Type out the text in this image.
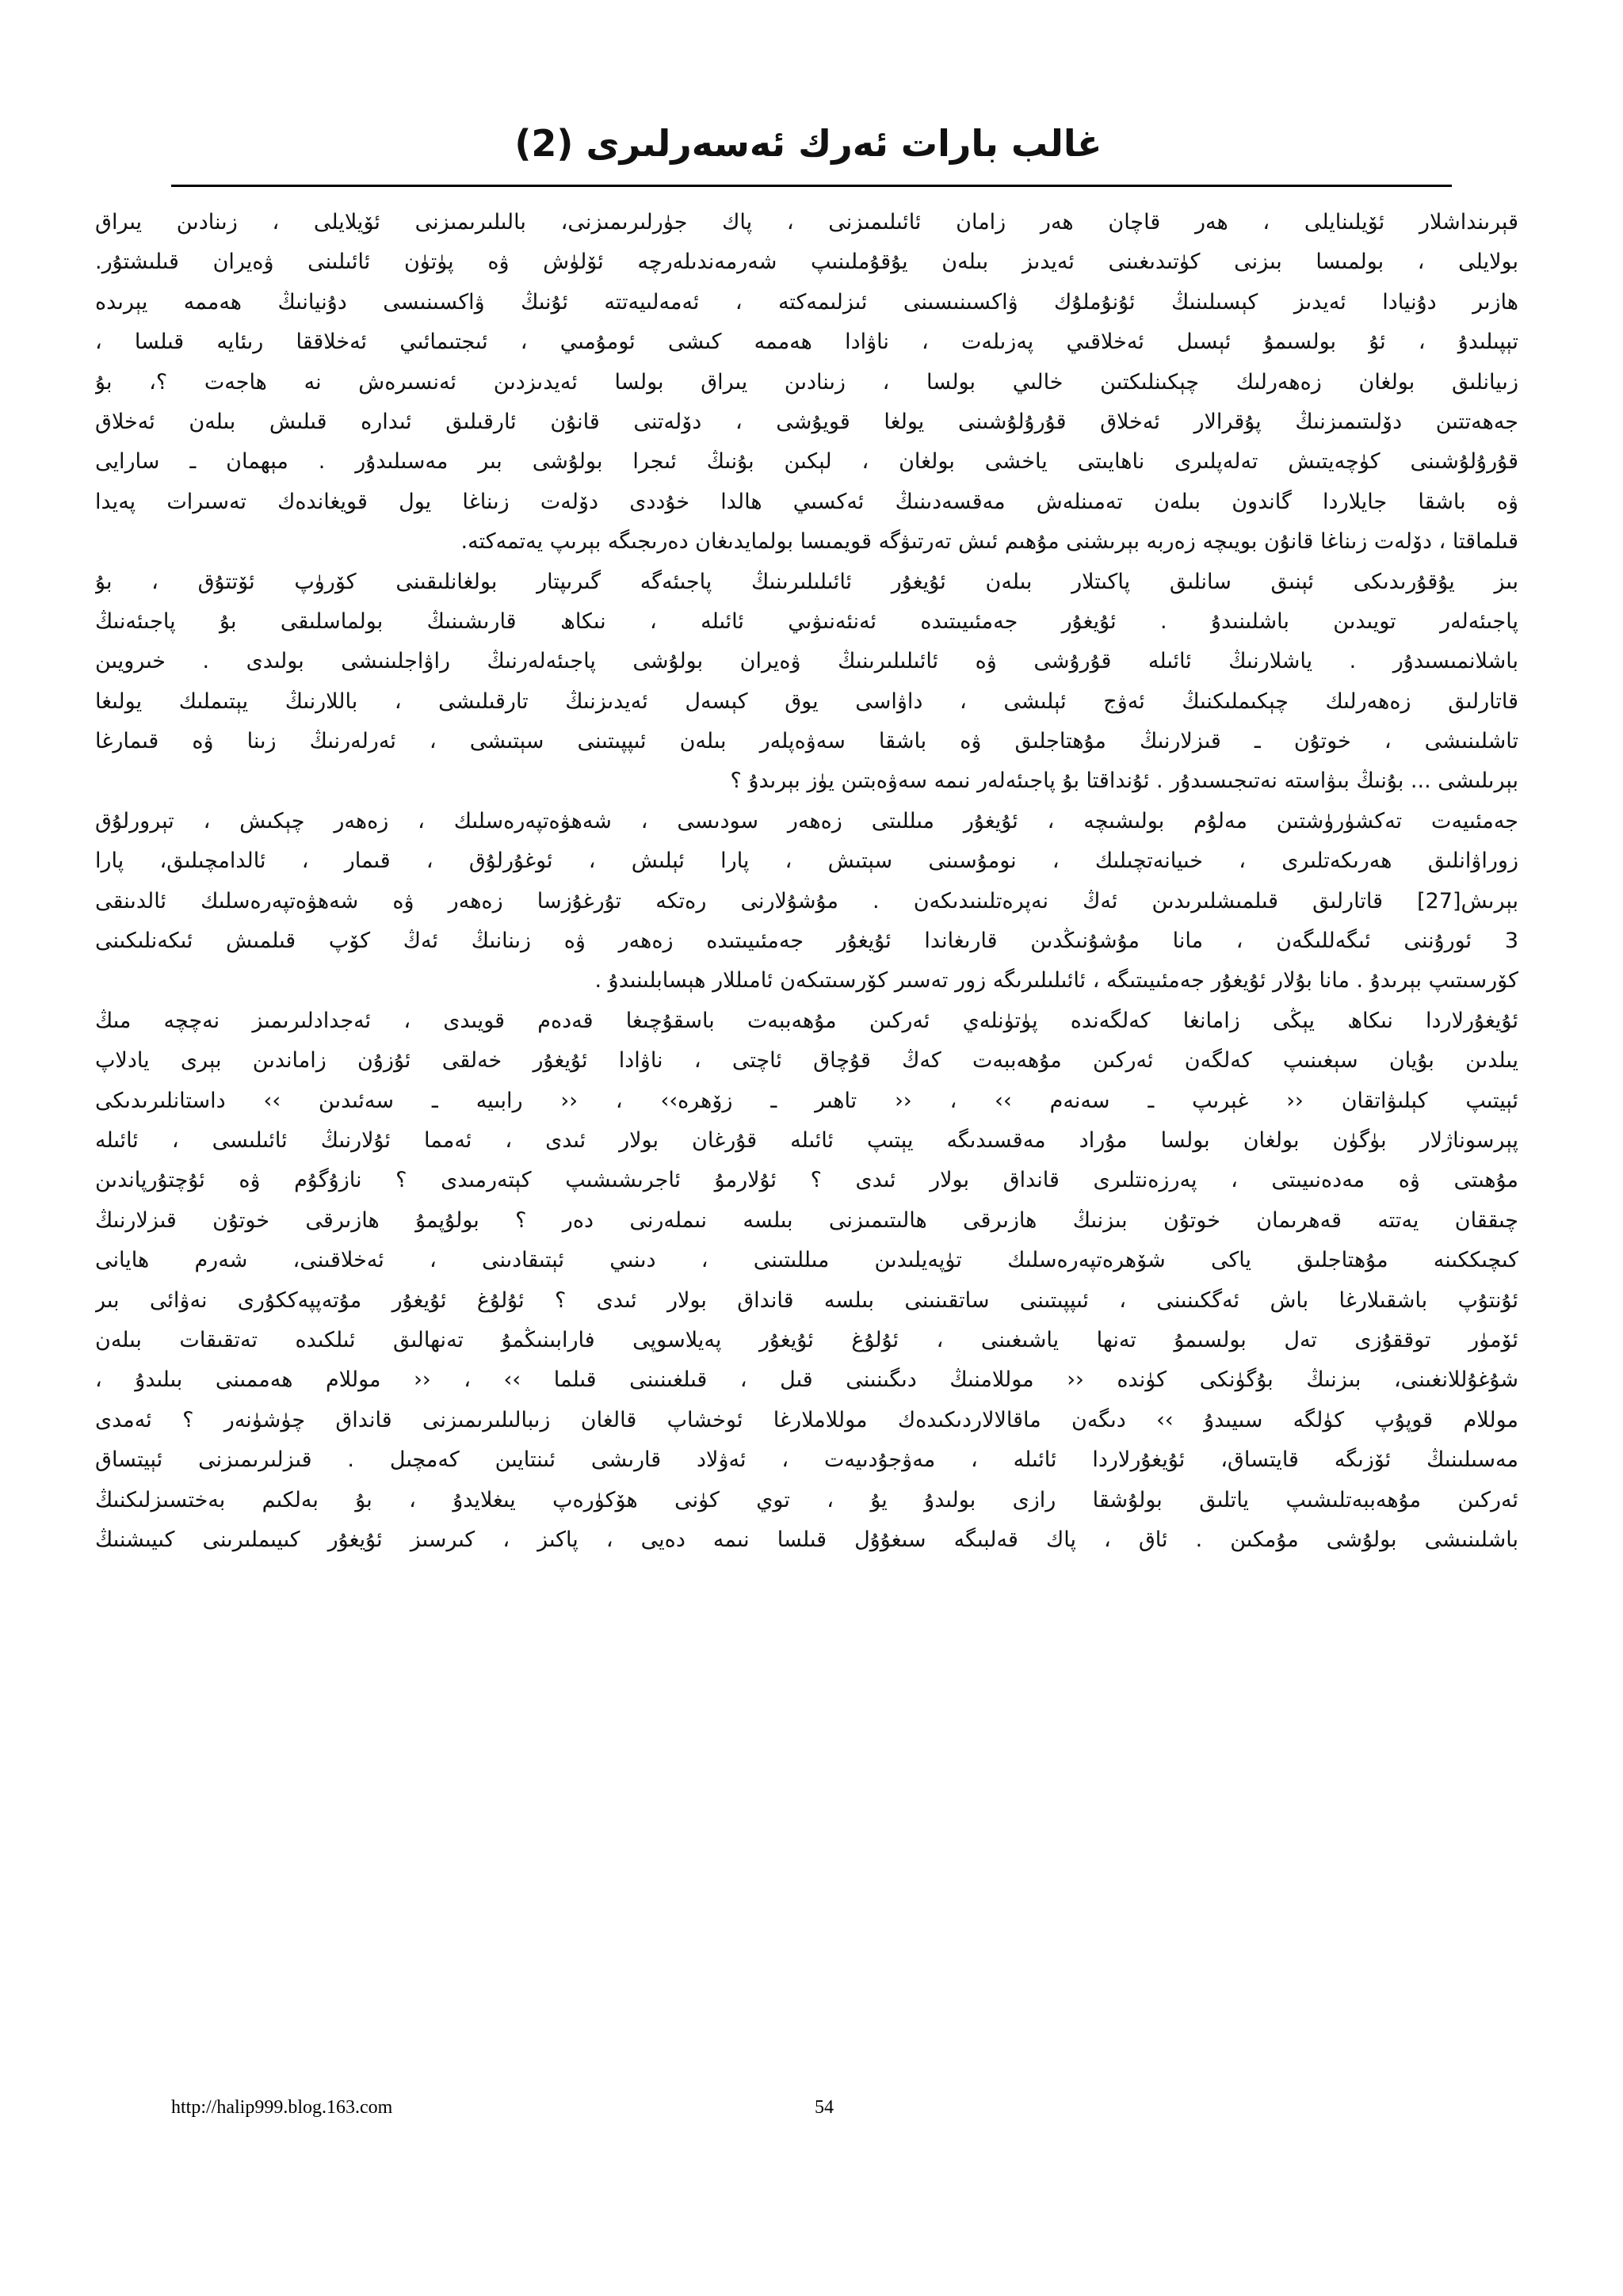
غالب بارات ئەرك ئەسەرلىرى (2)
قېرىنداشلار ئۆيلىنايلى ، ھەر قاچان ھەر زامان ئائىلىمىزنى ، پاك جۈرلىرىمىزنى، بالىلىرىمىزنى ئۆيلايلى ، زىنادىن يىراق
بولايلى ، بولمىسا بىزنى كۈتىدىغىنى ئەيدىز بىلەن يۇقۇملىنىپ شەرمەندىلەرچە ئۆلۈش ۋە پۈتۈن ئائىلىنى ۋەيران قىلىشتۇر.
ھازىر دۇنيادا ئەيدىز كېسىلىنىڭ ئۇنۇملۇك ۋاكسىنىسىنى ئىزلىمەكتە ، ئەمەلىيەتتە ئۇنىڭ ۋاكسىنىسى دۇنيانىڭ ھەممە يېرىدە
تېپىلىدۇ ، ئۇ بولسىمۇ ئېسىل ئەخلاقىي پەزىلەت ، ناۋادا ھەممە كىشى ئومۇمىي ، ئىجتىمائىي ئەخلاققا رىئايە قىلسا ،
زىيانلىق بولغان زەھەرلىك چېكىنلىكتىن خالىي بولسا ، زىنادىن يىراق بولسا ئەيدىزدىن ئەنسىرەش نە ھاجەت ؟، بۇ
جەھەتتىن دۆلىتىمىزنىڭ پۇقرالار ئەخلاق قۇرۇلۇشىنى يولغا قويۇشى ، دۆلەتنى قانۇن ئارقىلىق ئىدارە قىلىش بىلەن ئەخلاق
قۇرۇلۇشىنى كۈچەيتىش تەلەپلىرى ناھايىتى ياخشى بولغان ، لېكىن بۇنىڭ ئىجرا بولۇشى بىر مەسىلىدۇر . مېھمان ـ سارايى
ۋە باشقا جايلاردا گاندون بىلەن تەمىنلەش مەقسەدىنىڭ ئەكسىي ھالدا خۇددى دۆلەت زىناغا يول قويغاندەك تەسىرات پەيدا
قىلماقتا ، دۆلەت زىناغا قانۇن بويىچە زەربە بېرىشنى مۇھىم ئىش تەرتىۋگە قويمىسا بولمايدىغان دەرىجىگە بېرىپ يەتمەكتە.
بىز يۇقۇرىدىكى ئېنىق سانلىق پاكىتلار بىلەن ئۇيغۇر ئائىلىلىرىنىڭ پاجىئەگە گىرىپتار بولغانلىقىنى كۆرۈپ ئۆتتۇق ، بۇ
پاجىئەلەر تويىدىن باشلىنىدۇ . ئۇيغۇر جەمئىيىتىدە ئەنئەنىۋىي ئائىلە ، نىكاھ قارىشىنىڭ بولماسلىقى بۇ پاجىئەنىڭ
باشلانمىسىدۇر . ياشلارنىڭ ئائىلە قۇرۇشى ۋە ئائىلىلىرىنىڭ ۋەيران بولۇشى پاجىئەلەرنىڭ راۋاجلىنىشى بولىدى . خىرويىن
قاتارلىق زەھەرلىك چېكىملىكنىڭ ئەۋج ئېلىشى ، داۋاسى يوق كېسەل ئەيدىزنىڭ تارقىلىشى ، باللارنىڭ يېتىملىك يولىغا
تاشلىنىشى ، خوتۇن ـ قىزلارنىڭ مۇھتاجلىق ۋە باشقا سەۋەپلەر بىلەن ئىپپىتىنى سېتىشى ، ئەرلەرنىڭ زىنا ۋە قىمارغا
بېرىلىشى ... بۇنىڭ بىۋاستە نەتىجىسىدۇر . ئۇنداقتا بۇ پاجىئەلەر نىمە سەۋەبتىن يۈز بېرىدۇ ؟
جەمئىيەت تەكشۈرۈشتىن مەلۇم بولىشىچە ، ئۇيغۇر مىللىتى زەھەر سودىسى ، شەھۋەتپەرەسلىك ، زەھەر چېكىش ، تېرورلۇق
زوراۋانلىق ھەرىكەتلىرى ، خىيانەتچىلىك ، نومۇسىنى سېتىش ، پارا ئېلىش ، ئوغۇرلۇق ، قىمار ، ئالدامچىلىق، پارا
بېرىش[27] قاتارلىق قىلمىشلىرىدىن ئەڭ نەپرەتلىنىدىكەن . مۇشۇلارنى رەتكە تۇرغۇزسا زەھەر ۋە شەھۋەتپەرەسلىك ئالدىنقى
3 ئورۇننى ئىگەللىگەن ، مانا مۇشۇنىڭدىن قارىغاندا ئۇيغۇر جەمئىيىتىدە زەھەر ۋە زىنانىڭ ئەڭ كۆپ قىلمىش ئىكەنلىكىنى
كۆرسىتىپ بېرىدۇ . مانا بۇلار ئۇيغۇر جەمئىيىتىگە ، ئائىلىلىرىگە زور تەسىر كۆرسىتىكەن ئامىللار ھېسابلىنىدۇ .
ئۇيغۇرلاردا نىكاھ يېڭى زامانغا كەلگەندە پۈتۈنلەي ئەركىن مۇھەببەت باسقۇچىغا قەدەم قويىدى ، ئەجدادلىرىمىز نەچچە مىڭ
يىلدىن بۇيان سېغىنىپ كەلگەن ئەركىن مۇھەببەت كەڭ قۇچاق ئاچتى ، ناۋادا ئۇيغۇر خەلقى ئۇزۇن زاماندىن بېرى يادلاپ
ئېيتىپ كېلىۋاتقان ‹‹ غېرىپ ـ سەنەم ›› ، ‹‹ تاھىر ـ زۆھرە›› ، ‹‹ رابىيە ـ سەئىدىن ›› داستانلىرىدىكى
پېرسوناژلار بۈگۈن بولغان بولسا مۇراد مەقسىدىگە يېتىپ ئائىلە قۇرغان بولار ئىدى ، ئەمما ئۇلارنىڭ ئائىلىسى ، ئائىلە
مۇھىتى ۋە مەدەنىيىتى ، پەرزەنتلىرى قانداق بولار ئىدى ؟ ئۇلارمۇ ئاجرىشىشىپ كېتەرمىدى ؟ نازۇگۇم ۋە ئۇچتۇرپاندىن
چىققان يەتتە قەھرىمان خوتۇن بىزنىڭ ھازىرقى ھالىتىمىزنى بىلسە نىملەرنى دەر ؟ بولۇپمۇ ھازىرقى خوتۇن قىزلارنىڭ
كىچىككىنە مۇھتاجلىق ياكى شۆھرەتپەرەسلىك تۈپەيلىدىن مىللىتىنى ، دىنىي ئېتىقادىنى ، ئەخلاقىنى، شەرم ھايانى
ئۇنتۇپ باشقىلارغا باش ئەگكىنىنى ، ئىپپىتىنى ساتقىنىنى بىلسە قانداق بولار ئىدى ؟ ئۇلۇغ ئۇيغۇر مۇتەپپەككۇرى نەۋائى بىر
ئۆمۈر توققۇزى تەل بولسىمۇ تەنها ياشىغىنى ، ئۇلۇغ ئۇيغۇر پەيلاسوپى فارابىنىڭمۇ تەنھالىق ئىلكىدە تەتقىقات بىلەن
شۇغۇللانغىنى، بىزنىڭ بۇگۈنكى كۈندە ‹‹ موللامنىڭ دىگىنىنى قىل ، قىلغىنىنى قىلما ›› ، ‹‹ موللام ھەممىنى بىلىدۇ ،
موللام قوپۇپ كۈلگە سىيىدۇ ›› دىگەن ماقالالاردىكىدەك موللاملارغا ئوخشاپ قالغان زىبالىلىرىمىزنى قانداق چۈشۈنەر ؟ ئەمدى
مەسىلىنىڭ ئۆزىگە قايتساق، ئۇيغۇرلاردا ئائىلە ، مەۋجۇدىيەت ، ئەۋلاد قارىشى ئىنتايىن كەمچىل . قىزلىرىمىزنى ئېيتساق
ئەركىن مۇھەببەتلىشىپ ياتلىق بولۇشقا رازى بولىدۇ يۇ ، توي كۈنى ھۆكۈرەپ يىغلايدۇ ، بۇ بەلكىم بەختسىزلىكنىڭ
باشلىنىشى بولۇشى مۇمكىن . ئاق ، پاك قەلبىگە سىغۇۇل قىلسا نىمە دەيى ، پاكىز ، كىرسىز ئۇيغۇر كىيىملىرىنى كىيىشنىڭ
http://halip999.blog.163.com	54
